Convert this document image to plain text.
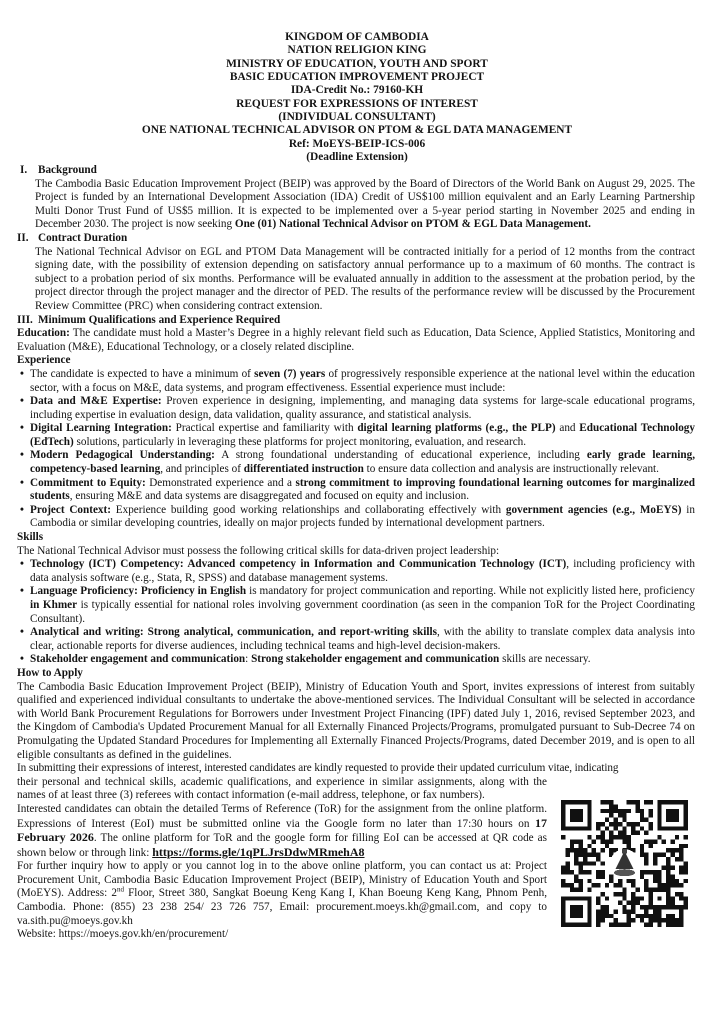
KINGDOM OF CAMBODIA
NATION RELIGION KING
MINISTRY OF EDUCATION, YOUTH AND SPORT
BASIC EDUCATION IMPROVEMENT PROJECT
IDA-Credit No.: 79160-KH
REQUEST FOR EXPRESSIONS OF INTEREST
(INDIVIDUAL CONSULTANT)
ONE NATIONAL TECHNICAL ADVISOR ON PTOM & EGL DATA MANAGEMENT
Ref: MoEYS-BEIP-ICS-006
(Deadline Extension)
I. Background

The Cambodia Basic Education Improvement Project (BEIP) was approved by the Board of Directors of the World Bank on August 29, 2025. The Project is funded by an International Development Association (IDA) Credit of US$100 million equivalent and an Early Learning Partnership Multi Donor Trust Fund of US$5 million. It is expected to be implemented over a 5-year period starting in November 2025 and ending in December 2030. The project is now seeking One (01) National Technical Advisor on PTOM & EGL Data Management.

II. Contract Duration

The National Technical Advisor on EGL and PTOM Data Management will be contracted initially for a period of 12 months from the contract signing date, with the possibility of extension depending on satisfactory annual performance up to a maximum of 60 months. The contract is subject to a probation period of six months. Performance will be evaluated annually in addition to the assessment at the probation period, by the project director through the project manager and the director of PED. The results of the performance review will be discussed by the Procurement Review Committee (PRC) when considering contract extension.

III. Minimum Qualifications and Experience Required

Education: The candidate must hold a Master’s Degree in a highly relevant field such as Education, Data Science, Applied Statistics, Monitoring and Evaluation (M&E), Educational Technology, or a closely related discipline.

Experience
• The candidate is expected to have a minimum of seven (7) years of progressively responsible experience at the national level within the education sector, with a focus on M&E, data systems, and program effectiveness. Essential experience must include:
• Data and M&E Expertise: Proven experience in designing, implementing, and managing data systems for large-scale educational programs, including expertise in evaluation design, data validation, quality assurance, and statistical analysis.
• Digital Learning Integration: Practical expertise and familiarity with digital learning platforms (e.g., the PLP) and Educational Technology (EdTech) solutions, particularly in leveraging these platforms for project monitoring, evaluation, and research.
• Modern Pedagogical Understanding: A strong foundational understanding of educational experience, including early grade learning, competency-based learning, and principles of differentiated instruction to ensure data collection and analysis are instructionally relevant.
• Commitment to Equity: Demonstrated experience and a strong commitment to improving foundational learning outcomes for marginalized students, ensuring M&E and data systems are disaggregated and focused on equity and inclusion.
• Project Context: Experience building good working relationships and collaborating effectively with government agencies (e.g., MoEYS) in Cambodia or similar developing countries, ideally on major projects funded by international development partners.
Skills

The National Technical Advisor must possess the following critical skills for data-driven project leadership:

• Technology (ICT) Competency: Advanced competency in Information and Communication Technology (ICT), including proficiency with data analysis software (e.g., Stata, R, SPSS) and database management systems.
• Language Proficiency: Proficiency in English is mandatory for project communication and reporting. While not explicitly listed here, proficiency in Khmer is typically essential for national roles involving government coordination (as seen in the companion ToR for the Project Coordinating Consultant).
• Analytical and writing: Strong analytical, communication, and report-writing skills, with the ability to translate complex data analysis into clear, actionable reports for diverse audiences, including technical teams and high-level decision-makers.
• Stakeholder engagement and communication: Strong stakeholder engagement and communication skills are necessary.
How to Apply

The Cambodia Basic Education Improvement Project (BEIP), Ministry of Education Youth and Sport, invites expressions of interest from suitably qualified and experienced individual consultants to undertake the above-mentioned services. The Individual Consultant will be selected in accordance with World Bank Procurement Regulations for Borrowers under Investment Project Financing (IPF) dated July 1, 2016, revised September 2023, and the Kingdom of Cambodia's Updated Procurement Manual for all Externally Financed Projects/Programs, promulgated pursuant to Sub-Decree 74 on Promulgating the Updated Standard Procedures for Implementing all Externally Financed Projects/Programs, dated December 2019, and is open to all eligible consultants as defined in the guidelines.

In submitting their expressions of interest, interested candidates are kindly requested to provide their updated curriculum vitae, indicating

their personal and technical skills, academic qualifications, and experience in similar assignments, along with the names of at least three (3) referees with contact information (e-mail address, telephone, or fax numbers).

Interested candidates can obtain the detailed Terms of Reference (ToR) for the assignment from the online platform. Expressions of Interest (EoI) must be submitted online via the Google form no later than 17:30 hours on 17 February 2026. The online platform for ToR and the google form for filling EoI can be accessed at QR code as shown below or through link: https://forms.gle/1qPLJrsDdwMRmehA8

For further inquiry how to apply or you cannot log in to the above online platform, you can contact us at: Project Procurement Unit, Cambodia Basic Education Improvement Project (BEIP), Ministry of Education Youth and Sport (MoEYS). Address: 2nd Floor, Street 380, Sangkat Boeung Keng Kang I, Khan Boeung Keng Kang, Phnom Penh, Cambodia. Phone: (855) 23 238 254/ 23 726 757, Email: procurement.moeys.kh@gmail.com, and copy to va.sith.pu@moeys.gov.kh

Website: https://moeys.gov.kh/en/procurement/
